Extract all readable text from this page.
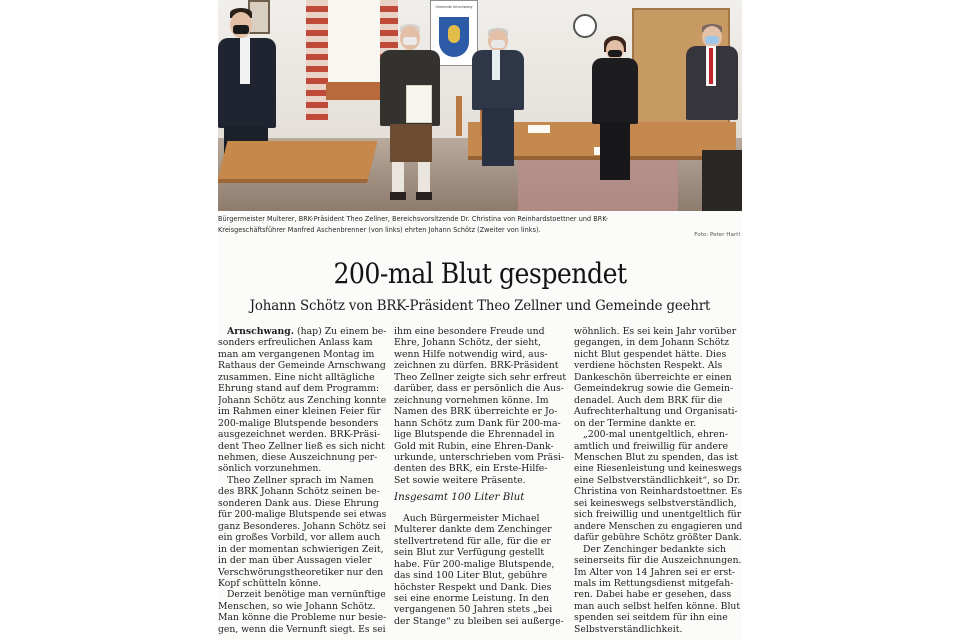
Gemeinde Arnschwang

Bürgermeister Multerer, BRK-Präsident Theo Zellner, Bereichsvorsitzende Dr. Christina von Reinhardstoettner und BRK-

Kreisgeschäftsführer Manfred Aschenbrenner (von links) ehrten Johann Schötz (Zweiter von links).

Foto: Peter Hartl
200-mal Blut gespendet
Johann Schötz von BRK-Präsident Theo Zellner und Gemeinde geehrt
Arnschwang. (hap) Zu einem be-
sonders erfreulichen Anlass kam
man am vergangenen Montag im
Rathaus der Gemeinde Arnschwang
zusammen. Eine nicht alltägliche
Ehrung stand auf dem Programm:
Johann Schötz aus Zenching konnte
im Rahmen einer kleinen Feier für
200-malige Blutspende besonders
ausgezeichnet werden. BRK-Präsi-
dent Theo Zellner ließ es sich nicht
nehmen, diese Auszeichnung per-
sönlich vorzunehmen.
Theo Zellner sprach im Namen
des BRK Johann Schötz seinen be-
sonderen Dank aus. Diese Ehrung
für 200-malige Blutspende sei etwas
ganz Besonderes. Johann Schötz sei
ein großes Vorbild, vor allem auch
in der momentan schwierigen Zeit,
in der man über Aussagen vieler
Verschwörungstheoretiker nur den
Kopf schütteln könne.
Derzeit benötige man vernünftige
Menschen, so wie Johann Schötz.
Man könne die Probleme nur besie-
gen, wenn die Vernunft siegt. Es sei
ihm eine besondere Freude und
Ehre, Johann Schötz, der sieht,
wenn Hilfe notwendig wird, aus-
zeichnen zu dürfen. BRK-Präsident
Theo Zellner zeigte sich sehr erfreut
darüber, dass er persönlich die Aus-
zeichnung vornehmen könne. Im
Namen des BRK überreichte er Jo-
hann Schötz zum Dank für 200-ma-
lige Blutspende die Ehrennadel in
Gold mit Rubin, eine Ehren-Dank-
urkunde, unterschrieben vom Präsi-
denten des BRK, ein Erste-Hilfe-
Set sowie weitere Präsente.
Insgesamt 100 Liter Blut
Auch Bürgermeister Michael
Multerer dankte dem Zenchinger
stellvertretend für alle, für die er
sein Blut zur Verfügung gestellt
habe. Für 200-malige Blutspende,
das sind 100 Liter Blut, gebühre
höchster Respekt und Dank. Dies
sei eine enorme Leistung. In den
vergangenen 50 Jahren stets „bei
der Stange“ zu bleiben sei außerge-
wöhnlich. Es sei kein Jahr vorüber
gegangen, in dem Johann Schötz
nicht Blut gespendet hätte. Dies
verdiene höchsten Respekt. Als
Dankeschön überreichte er einen
Gemeindekrug sowie die Gemein-
denadel. Auch dem BRK für die
Aufrechterhaltung und Organisati-
on der Termine dankte er.
„200-mal unentgeltlich, ehren-
amtlich und freiwillig für andere
Menschen Blut zu spenden, das ist
eine Riesenleistung und keineswegs
eine Selbstverständlichkeit“, so Dr.
Christina von Reinhardstoettner. Es
sei keineswegs selbstverständlich,
sich freiwillig und unentgeltlich für
andere Menschen zu engagieren und
dafür gebühre Schötz größter Dank.
Der Zenchinger bedankte sich
seinerseits für die Auszeichnungen.
Im Alter von 14 Jahren sei er erst-
mals im Rettungsdienst mitgefah-
ren. Dabei habe er gesehen, dass
man auch selbst helfen könne. Blut
spenden sei seitdem für ihn eine
Selbstverständlichkeit.
